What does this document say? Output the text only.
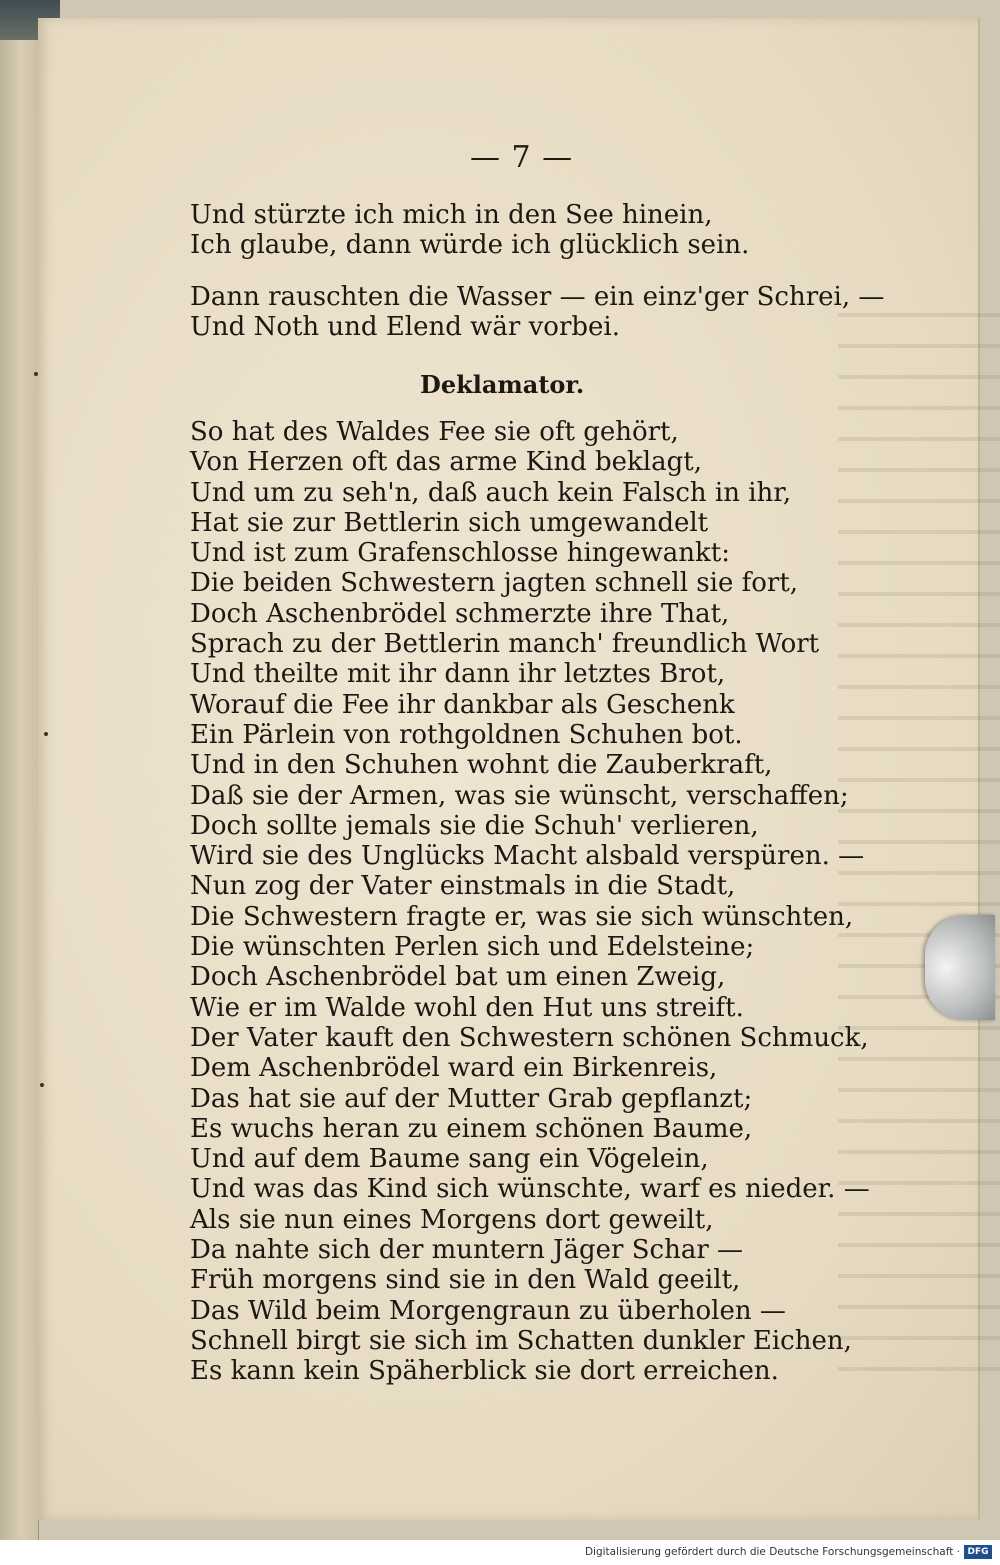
— 7 —
Und stürzte ich mich in den See hinein,
Ich glaube, dann würde ich glücklich sein.
Dann rauschten die Wasser — ein einz'ger Schrei, —
Und Noth und Elend wär vorbei.
Deklamator.
So hat des Waldes Fee sie oft gehört,
Von Herzen oft das arme Kind beklagt,
Und um zu seh'n, daß auch kein Falsch in ihr,
Hat sie zur Bettlerin sich umgewandelt
Und ist zum Grafenschlosse hingewankt:
Die beiden Schwestern jagten schnell sie fort,
Doch Aschenbrödel schmerzte ihre That,
Sprach zu der Bettlerin manch' freundlich Wort
Und theilte mit ihr dann ihr letztes Brot,
Worauf die Fee ihr dankbar als Geschenk
Ein Pärlein von rothgoldnen Schuhen bot.
Und in den Schuhen wohnt die Zauberkraft,
Daß sie der Armen, was sie wünscht, verschaffen;
Doch sollte jemals sie die Schuh' verlieren,
Wird sie des Unglücks Macht alsbald verspüren. —
Nun zog der Vater einstmals in die Stadt,
Die Schwestern fragte er, was sie sich wünschten,
Die wünschten Perlen sich und Edelsteine;
Doch Aschenbrödel bat um einen Zweig,
Wie er im Walde wohl den Hut uns streift.
Der Vater kauft den Schwestern schönen Schmuck,
Dem Aschenbrödel ward ein Birkenreis,
Das hat sie auf der Mutter Grab gepflanzt;
Es wuchs heran zu einem schönen Baume,
Und auf dem Baume sang ein Vögelein,
Und was das Kind sich wünschte, warf es nieder. —
Als sie nun eines Morgens dort geweilt,
Da nahte sich der muntern Jäger Schar —
Früh morgens sind sie in den Wald geeilt,
Das Wild beim Morgengraun zu überholen —
Schnell birgt sie sich im Schatten dunkler Eichen,
Es kann kein Späherblick sie dort erreichen.
Digitalisierung gefördert durch die Deutsche Forschungsgemeinschaft · DFG
